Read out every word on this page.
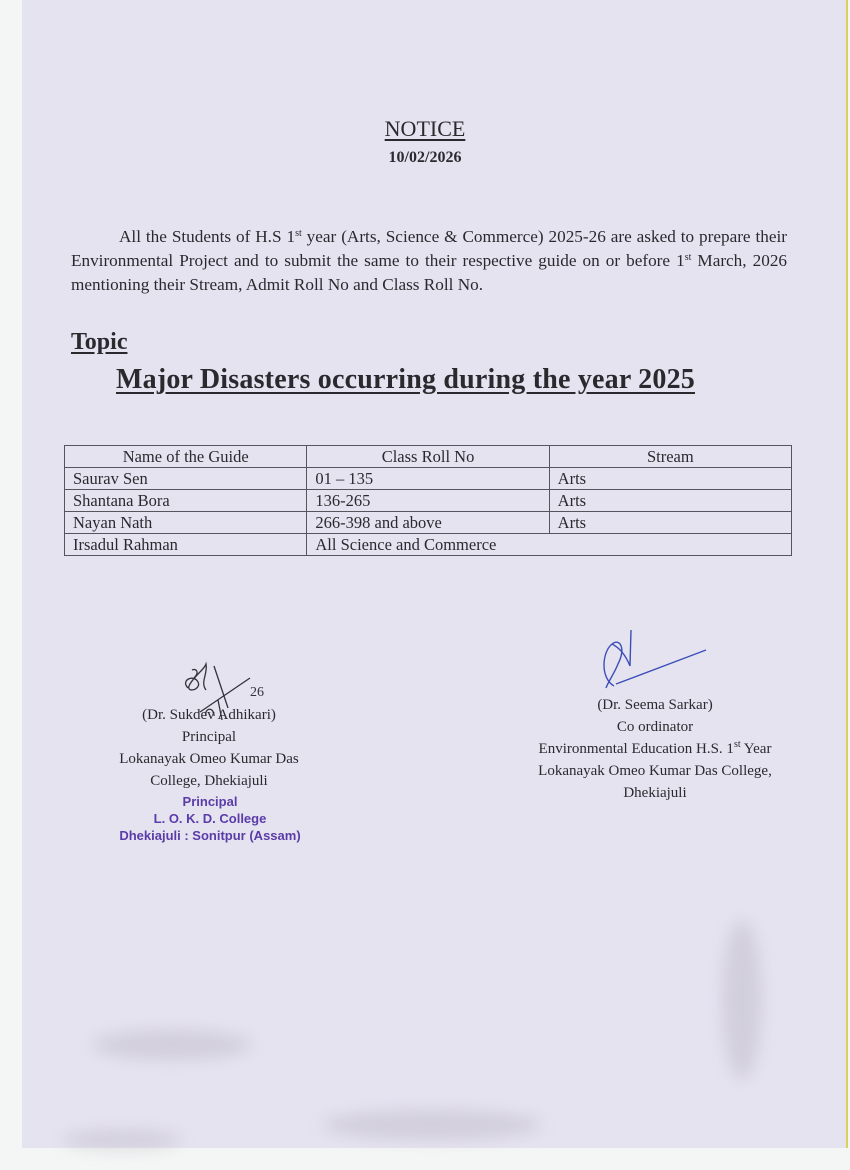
NOTICE
10/02/2026
All the Students of H.S 1st year (Arts, Science & Commerce) 2025-26 are asked to prepare their Environmental Project and to submit the same to their respective guide on or before 1st March, 2026 mentioning their Stream, Admit Roll No and Class Roll No.
Topic
Major Disasters occurring during the year 2025
Name of the Guide	Class Roll No	Stream
Saurav Sen	01 – 135	Arts
Shantana Bora	136-265	Arts
Nayan Nath	266-398 and above	Arts
Irsadul Rahman	All Science and Commerce	
26
(Dr. Sukdev Adhikari)
Principal
Lokanayak Omeo Kumar Das
College, Dhekiajuli
Principal
L. O. K. D. College
Dhekiajuli : Sonitpur (Assam)
(Dr. Seema Sarkar)
Co ordinator
Environmental Education H.S. 1st Year
Lokanayak Omeo Kumar Das College,
Dhekiajuli
